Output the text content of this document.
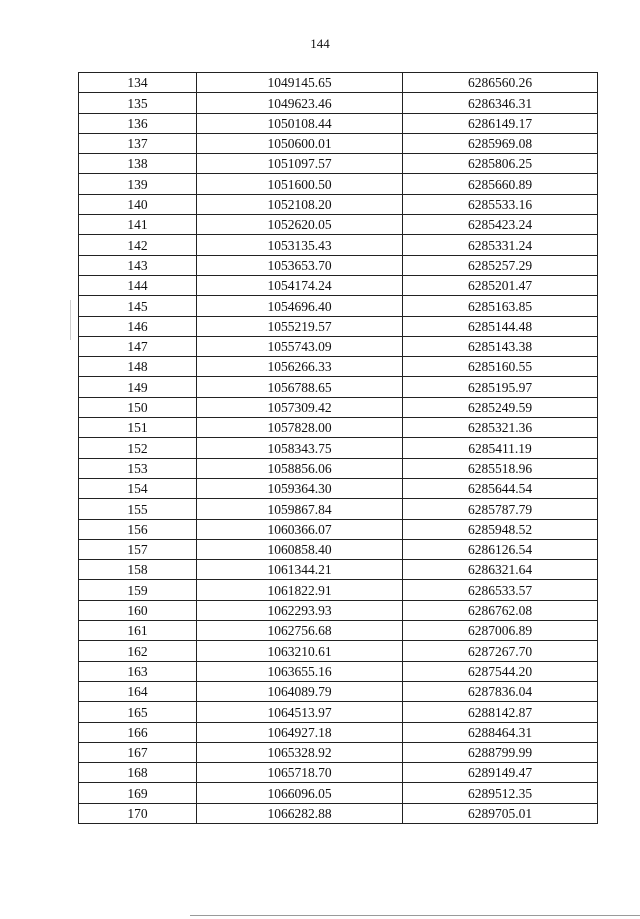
144
134	1049145.65	6286560.26
135	1049623.46	6286346.31
136	1050108.44	6286149.17
137	1050600.01	6285969.08
138	1051097.57	6285806.25
139	1051600.50	6285660.89
140	1052108.20	6285533.16
141	1052620.05	6285423.24
142	1053135.43	6285331.24
143	1053653.70	6285257.29
144	1054174.24	6285201.47
145	1054696.40	6285163.85
146	1055219.57	6285144.48
147	1055743.09	6285143.38
148	1056266.33	6285160.55
149	1056788.65	6285195.97
150	1057309.42	6285249.59
151	1057828.00	6285321.36
152	1058343.75	6285411.19
153	1058856.06	6285518.96
154	1059364.30	6285644.54
155	1059867.84	6285787.79
156	1060366.07	6285948.52
157	1060858.40	6286126.54
158	1061344.21	6286321.64
159	1061822.91	6286533.57
160	1062293.93	6286762.08
161	1062756.68	6287006.89
162	1063210.61	6287267.70
163	1063655.16	6287544.20
164	1064089.79	6287836.04
165	1064513.97	6288142.87
166	1064927.18	6288464.31
167	1065328.92	6288799.99
168	1065718.70	6289149.47
169	1066096.05	6289512.35
170	1066282.88	6289705.01
